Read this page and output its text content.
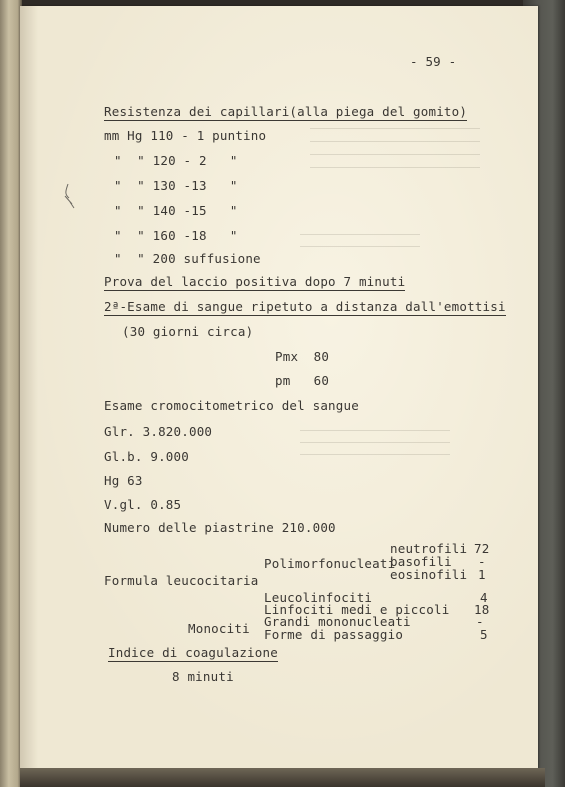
- 59 -
Resistenza dei capillari(alla piega del gomito)
mm Hg 110 - 1 puntino
"  " 120 - 2   "
"  " 130 -13   "
"  " 140 -15   "
"  " 160 -18   "
"  " 200 suffusione
Prova del laccio positiva dopo 7 minuti
2ª-Esame di sangue ripetuto a distanza dall'emottisi
(30 giorni circa)
Pmx  80
pm   60
Esame cromocitometrico del sangue
Glr. 3.820.000
Gl.b. 9.000
Hg 63
V.gl. 0.85
Numero delle piastrine 210.000
Formula leucocitaria
Polimorfonucleati
neutrofili 72
basofili -
eosinofili 1
Monociti
Leucolinfociti	4
Linfociti medi e piccoli 18
Grandi mononucleati	-
Forme di passaggio	5
Indice di coagulazione
8 minuti
